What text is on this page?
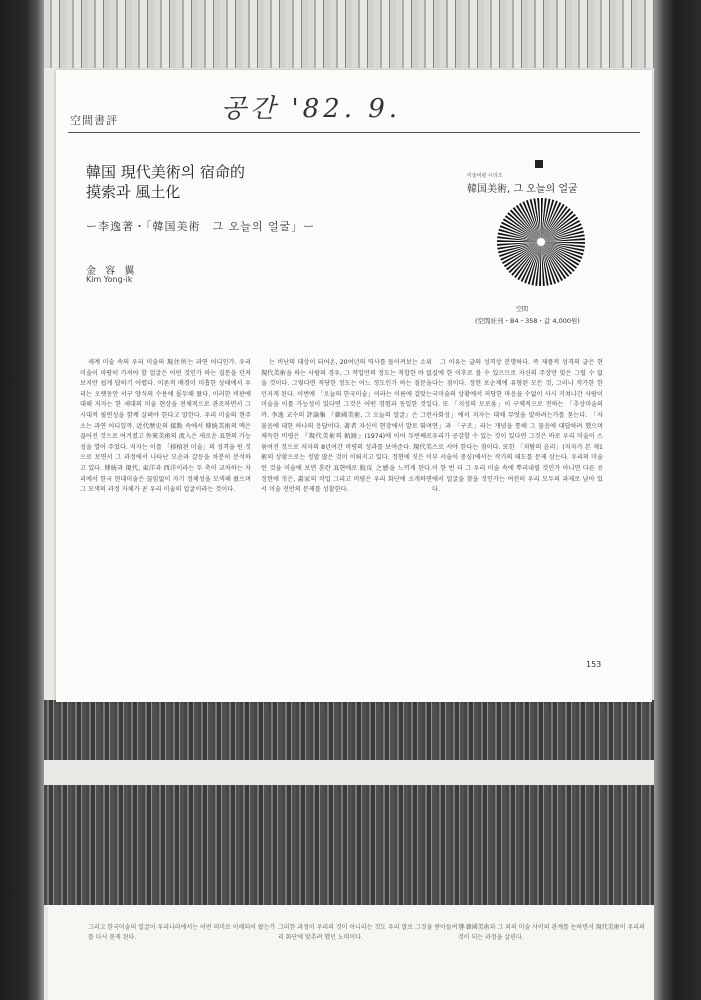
공간 '82. 9.
空間書評
韓国 現代美術의 宿命的
摸索과 風土化
ー李逸著・「韓国美術　그 오늘의 얼굴」ー
金 容 翼
Kim Yong-ik
미술비평 시리즈
韓国美術, 그 오늘의 얼굴
空間
(空間社刊・B4・358・값 4,000원)

세계 미술 속의 우리 미술의 現住所는 과연 어디인가. 우리 미술이 마땅히 가져야 할 얼굴은 어떤 것인가 하는 질문을 던져 보지만 쉽게 답하기 어렵다. 이론적 배경이 미흡한 상태에서 우리는 오랫동안 서구 양식의 수용에 몰두해 왔다. 이러한 비판에 대해 저자는 한 세대의 미술 현상을 전체적으로 관조하면서 그 시대적 필연성을 함께 살펴야 한다고 말한다. 우리 미술의 현주소는 과연 어디일까. 近代歷史의 接點 속에서 傳統美術의 맥은 끊어진 것으로 여겨졌고 外來美術의 流入은 새로운 표현의 가능성을 열어 주었다. 저자는 이를 「移植된 미술」의 성격을 띤 것으로 보면서 그 과정에서 나타난 모순과 갈등을 차분히 분석하고 있다. 傳統과 現代, 東洋과 西洋이라는 두 축이 교차하는 자리에서 한국 현대미술은 끊임없이 자기 정체성을 모색해 왔으며 그 모색의 과정 자체가 곧 우리 미술의 얼굴이라는 것이다.

는 비난의 대상이 되어온, 20여년의 역사를 돌이켜보는 소위 現代美術을 하는 사람의 경우, 그 작업만의 정도는 적합한 바 없을 것이다. 그렇다면 적당한 정도는 어느 정도인가 하는 질문을 던지게 된다. 이번에 「오늘의 한국미술」이라는 이름에 걸맞는 미술을 이룰 가능성이 있다면 그것은 어떤 경험과 동일한 것일까. 李逸 교수의 評論集 『韓國美術, 그 오늘의 얼굴』은 그런 물음에 대한 하나의 응답이다. 著者 자신이 현장에서 발로 뛰며 체득한 비평은 『現代美術의 軌跡』(1974)에 이어 두번째로 묶여진 것으로 저자의 8년여간 비평의 성과를 보여준다. 現代美術의 상황으로는 정말 많은 것이 이뤄지고 있다. 정현에 짓은 이런 것을 미술에 보면 혼란 표현에로 脫皮 之感을 느끼게 된다. 정현에 짓은, 畵家의 작업 그리고 비평은 우리 화단에 소개하면서 미술 전반의 문제를 성찰한다.

그 이유는 글의 성격상 분명하다. 즉 제품적 성격의 글은 현실에 한 이후로 볼 수 있으므로 자신의 주장만 맞은 그럴 수 없다는 점이다. 정현 포순제에 유형된 모든 것, 그러나 작가한 한국미술의 상황에서 저당한 마음을 수없이 사시 거쳐나간 사람이다. 또 「지성의 모로움」이 구체적으로 전하는 「추상미술의 사회성」에서 저자는 대체 무엇을 말하려는가를 묻는다. 「자연」과 「구조」라는 개념을 통해 그 물음에 대답하려 했으며 우리가 공감할 수 있는 것이 있다면 그것은 바로 우리 미술이 스스로 서야 한다는 점이다. 또한 「치탐의 윤리」(저자가 본 제1부 서술이 중심)에서는 작가의 태도를 문제 삼는다. 우리의 미술이 한 번 더 그 우리 미술 속에 뿌리내릴 것인가 아니면 다른 곳에서 얼굴을 찾을 것인가는 여전히 우리 모두의 과제로 남아 있다.

153
그리고 한국미술의 얼굴이 우리나라에서는 어떤 의미로 이해되어 왔는가를 다시 묻게 된다.
그러한 과정이 우리의 것이 아니라는 것도 우리 말로 그것을 받아들여 우리 화단에 맞추려 했던 노력이다.
한 韓國美術과 그 외의 미술 사이의 관계를 논하면서 現代美術이 우리의 것이 되는 과정을 살핀다.
